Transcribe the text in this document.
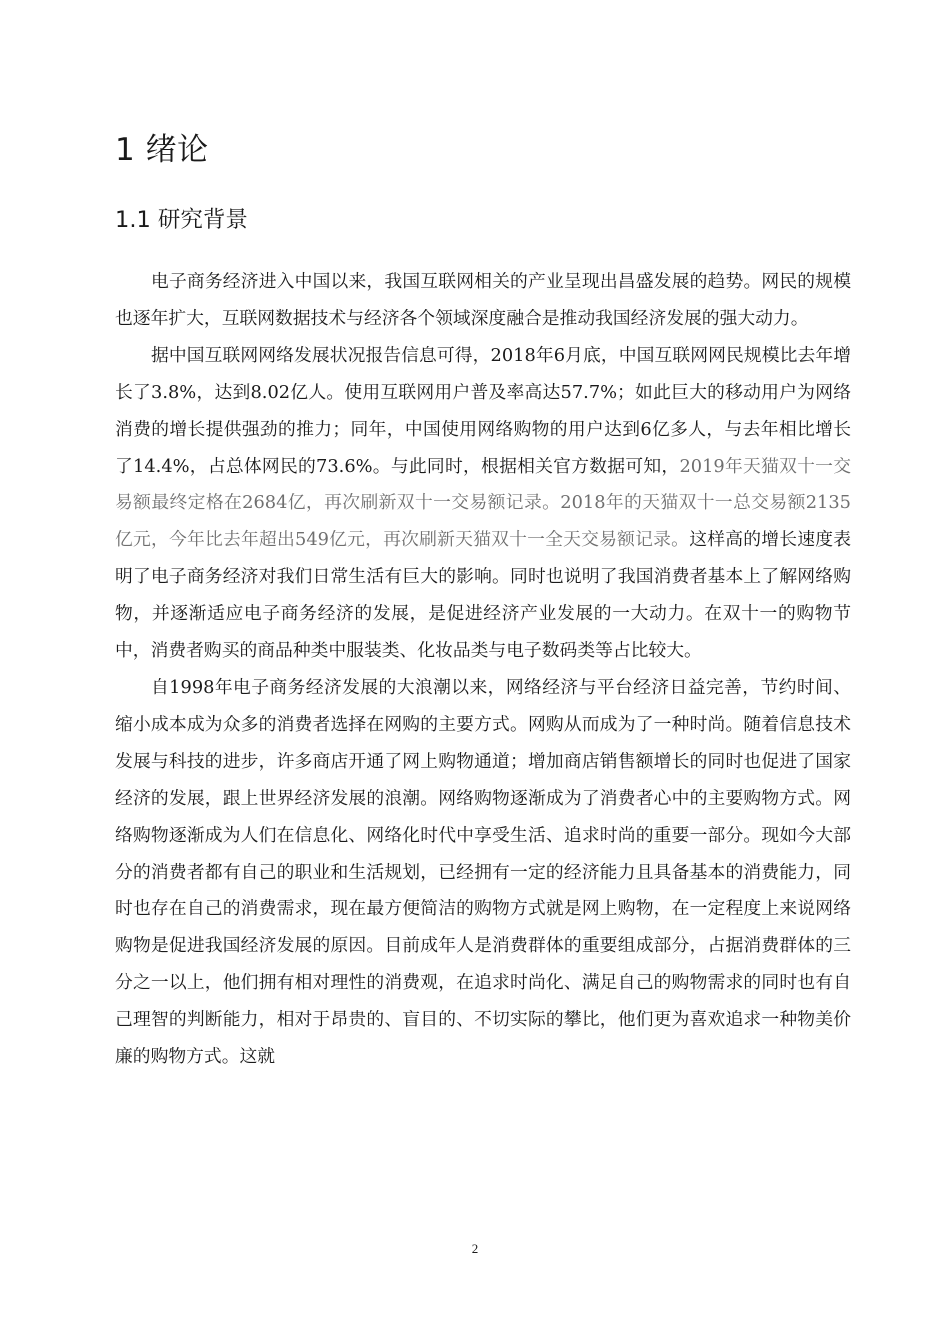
1 绪论
1.1 研究背景

电子商务经济进入中国以来，我国互联网相关的产业呈现出昌盛发展的趋势。网民的规模也逐年扩大，互联网数据技术与经济各个领域深度融合是推动我国经济发展的强大动力。

据中国互联网网络发展状况报告信息可得，2018年6月底，中国互联网网民规模比去年增长了3.8%，达到8.02亿人。使用互联网用户普及率高达57.7%；如此巨大的移动用户为网络消费的增长提供强劲的推力；同年，中国使用网络购物的用户达到6亿多人，与去年相比增长了14.4%，占总体网民的73.6%。与此同时，根据相关官方数据可知，2019年天猫双十一交易额最终定格在2684亿，再次刷新双十一交易额记录。2018年的天猫双十一总交易额2135亿元，今年比去年超出549亿元，再次刷新天猫双十一全天交易额记录。这样高的增长速度表明了电子商务经济对我们日常生活有巨大的影响。同时也说明了我国消费者基本上了解网络购物，并逐渐适应电子商务经济的发展，是促进经济产业发展的一大动力。在双十一的购物节中，消费者购买的商品种类中服装类、化妆品类与电子数码类等占比较大。

自1998年电子商务经济发展的大浪潮以来，网络经济与平台经济日益完善，节约时间、缩小成本成为众多的消费者选择在网购的主要方式。网购从而成为了一种时尚。随着信息技术发展与科技的进步，许多商店开通了网上购物通道；增加商店销售额增长的同时也促进了国家经济的发展，跟上世界经济发展的浪潮。网络购物逐渐成为了消费者心中的主要购物方式。网络购物逐渐成为人们在信息化、网络化时代中享受生活、追求时尚的重要一部分。现如今大部分的消费者都有自己的职业和生活规划，已经拥有一定的经济能力且具备基本的消费能力，同时也存在自己的消费需求，现在最方便简洁的购物方式就是网上购物，在一定程度上来说网络购物是促进我国经济发展的原因。目前成年人是消费群体的重要组成部分，占据消费群体的三分之一以上，他们拥有相对理性的消费观，在追求时尚化、满足自己的购物需求的同时也有自己理智的判断能力，相对于昂贵的、盲目的、不切实际的攀比，他们更为喜欢追求一种物美价廉的购物方式。这就

2
